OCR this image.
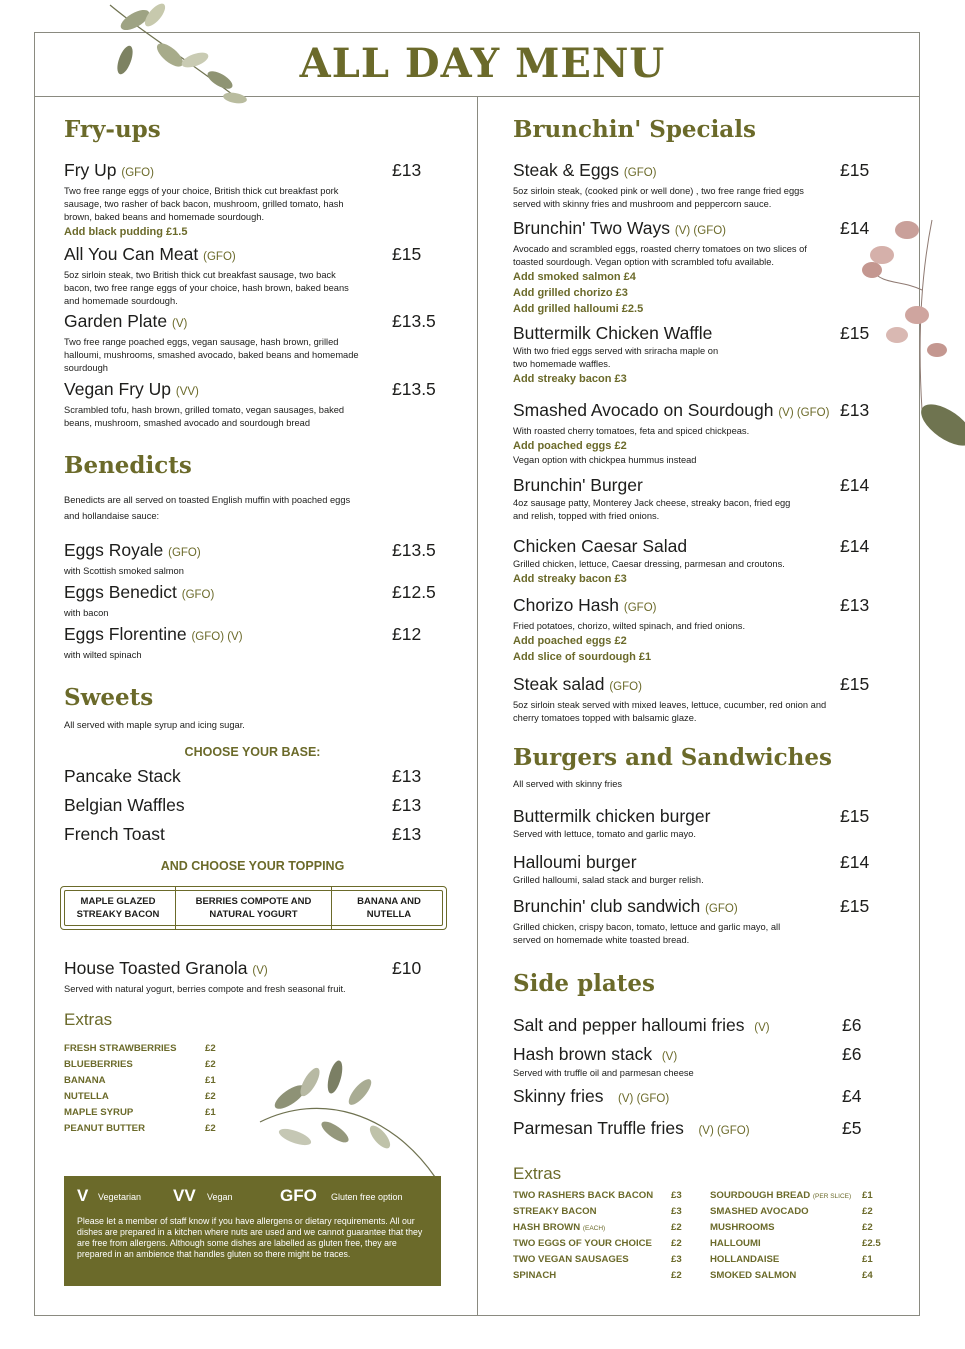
ALL DAY MENU
Fry-ups
Fry Up (GFO)	£13
Two free range eggs of your choice, British thick cut breakfast pork sausage, two rasher of back bacon, mushroom, grilled tomato, hash brown, baked beans and homemade sourdough.
Add black pudding £1.5
All You Can Meat (GFO)	£15
5oz sirloin steak, two British thick cut breakfast sausage, two back bacon, two free range eggs of your choice, hash brown, baked beans and homemade sourdough.
Garden Plate (V)	£13.5
Two free range poached eggs, vegan sausage, hash brown, grilled halloumi, mushrooms, smashed avocado, baked beans and homemade sourdough
Vegan Fry Up (VV)	£13.5
Scrambled tofu, hash brown, grilled tomato, vegan sausages, baked beans, mushroom, smashed avocado and sourdough bread
Benedicts
Benedicts are all served on toasted English muffin with poached eggs and hollandaise sauce:
Eggs Royale (GFO)	£13.5
with Scottish smoked salmon
Eggs Benedict (GFO)	£12.5
with bacon
Eggs Florentine (GFO) (V)	£12
with wilted spinach
Sweets
All served with maple syrup and icing sugar.
CHOOSE YOUR BASE:
Pancake Stack	£13
Belgian Waffles	£13
French Toast	£13
AND CHOOSE YOUR TOPPING
MAPLE GLAZED STREAKY BACON
BERRIES COMPOTE AND NATURAL YOGURT
BANANA AND NUTELLA
House Toasted Granola (V)	£10
Served with natural yogurt, berries compote and fresh seasonal fruit.
Extras
FRESH STRAWBERRIES	£2
BLUEBERRIES	£2
BANANA	£1
NUTELLA	£2
MAPLE SYRUP	£1
PEANUT BUTTER	£2
V Vegetarian VV Vegan	GFO Gluten free option
Please let a member of staff know if you have allergens or dietary requirements. All our dishes are prepared in a kitchen where nuts are used and we cannot guarantee that they are free from allergens. Although some dishes are labelled as gluten free, they are prepared in an ambience that handles gluten so there might be traces.
Brunchin' Specials
Steak & Eggs (GFO)	£15
5oz sirloin steak, (cooked pink or well done) , two free range fried eggs served with skinny fries and mushroom and peppercorn sauce.
Brunchin' Two Ways (V) (GFO)	£14
Avocado and scrambled eggs, roasted cherry tomatoes on two slices of toasted sourdough. Vegan option with scrambled tofu available.
Add smoked salmon £4
Add grilled chorizo £3
Add grilled halloumi £2.5
Buttermilk Chicken Waffle	£15
With two fried eggs served with sriracha maple on two homemade waffles.
Add streaky bacon £3
Smashed Avocado on Sourdough (V) (GFO) £13
With roasted cherry tomatoes, feta and spiced chickpeas.
Add poached eggs £2
Vegan option with chickpea hummus instead
Brunchin' Burger	£14
4oz sausage patty, Monterey Jack cheese, streaky bacon, fried egg and relish, topped with fried onions.
Chicken Caesar Salad	£14
Grilled chicken, lettuce, Caesar dressing, parmesan and croutons.
Add streaky bacon £3
Chorizo Hash (GFO)	£13
Fried potatoes, chorizo, wilted spinach, and fried onions.
Add poached eggs £2
Add slice of sourdough £1
Steak salad (GFO)	£15
5oz sirloin steak served with mixed leaves, lettuce, cucumber, red onion and cherry tomatoes topped with balsamic glaze.
Burgers and Sandwiches
All served with skinny fries
Buttermilk chicken burger	£15
Served with lettuce, tomato and garlic mayo.
Halloumi burger	£14
Grilled halloumi, salad stack and burger relish.
Brunchin' club sandwich (GFO)	£15
Grilled chicken, crispy bacon, tomato, lettuce and garlic mayo, all served on homemade white toasted bread.
Side plates
Salt and pepper halloumi fries (V)	£6
Hash brown stack (V)	£6
Served with truffle oil and parmesan cheese
Skinny fries (V) (GFO)	£4
Parmesan Truffle fries (V) (GFO)	£5
Extras
TWO RASHERS BACK BACON £3
STREAKY BACON	£3
HASH BROWN (EACH)	£2
TWO EGGS OF YOUR CHOICE £2
TWO VEGAN SAUSAGES	£3
SPINACH	£2
SOURDOUGH BREAD (PER SLICE) £1
SMASHED AVOCADO	£2
MUSHROOMS	£2
HALLOUMI	£2.5
HOLLANDAISE	£1
SMOKED SALMON	£4
